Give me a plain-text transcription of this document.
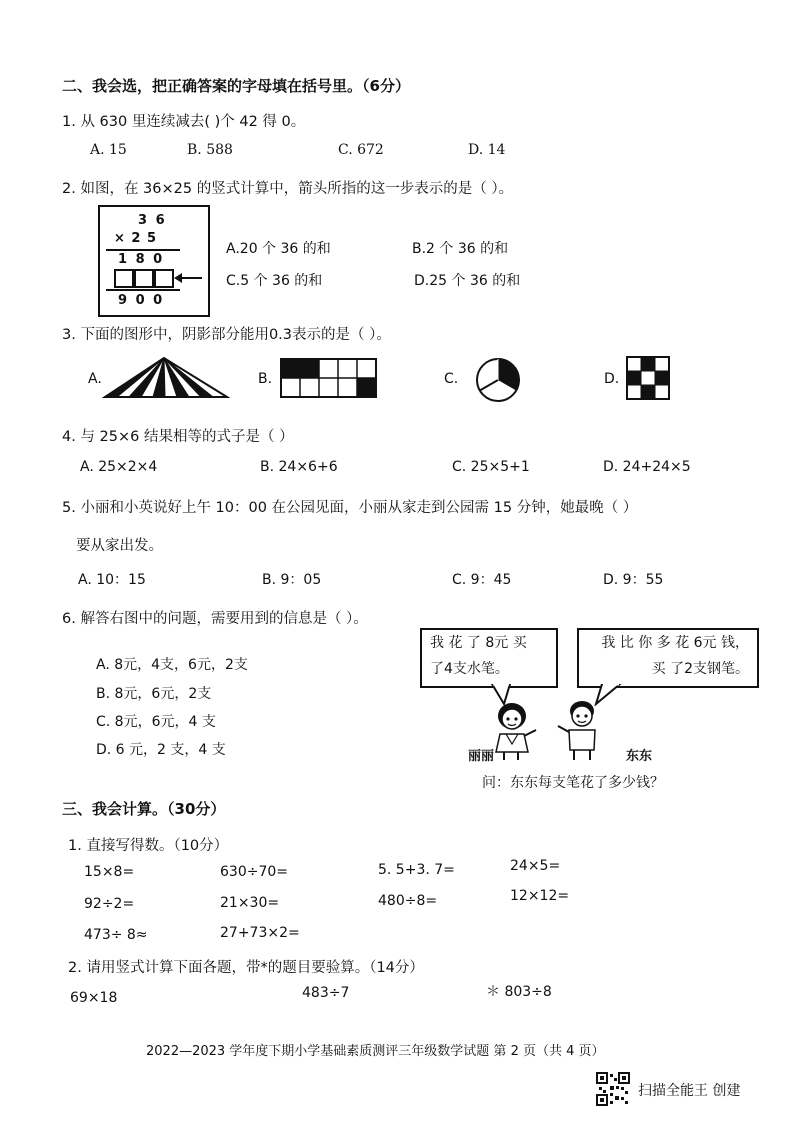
二、我会选，把正确答案的字母填在括号里。（6分）
1. 从 630 里连续减去( )个 42 得 0。
A. 15	B. 588	C. 672	D. 14
2. 如图，在 36×25 的竖式计算中，箭头所指的这一步表示的是（ ）。
3 6
× 2 5
1 8 0
9 0 0
A.20 个 36 的和	B.2 个 36 的和
C.5 个 36 的和	D.25 个 36 的和
3. 下面的图形中，阴影部分能用0.3表示的是（ ）。
A.	B.	C.	D.
4. 与 25×6 结果相等的式子是（ ）
A. 25×2×4	B. 24×6+6	C. 25×5+1	D. 24+24×5
5. 小丽和小英说好上午 10：00 在公园见面，小丽从家走到公园需 15 分钟，她最晚（ ）
要从家出发。
A. 10：15	B. 9：05	C. 9：45	D. 9：55
6. 解答右图中的问题，需要用到的信息是（ ）。
A. 8元，4支，6元，2支
B. 8元，6元，2支
C. 8元，6元，4 支
D. 6 元，2 支，4 支
我 花 了 8元 买
了4支水笔。
我 比 你 多 花 6元 钱，
买 了2支钢笔。
丽丽	东东
问：东东每支笔花了多少钱？
三、我会计算。（30分）
1. 直接写得数。（10分）
15×8=	630÷70=	5. 5+3. 7=	24×5=
92÷2=	21×30=	480÷8=	12×12=
473÷ 8≈	27+73×2=
2. 请用竖式计算下面各题，带*的题目要验算。（14分）
69×18	483÷7	＊ 803÷8
2022—2023 学年度下期小学基础素质测评三年级数学试题 第 2 页（共 4 页）
扫描全能王 创建
